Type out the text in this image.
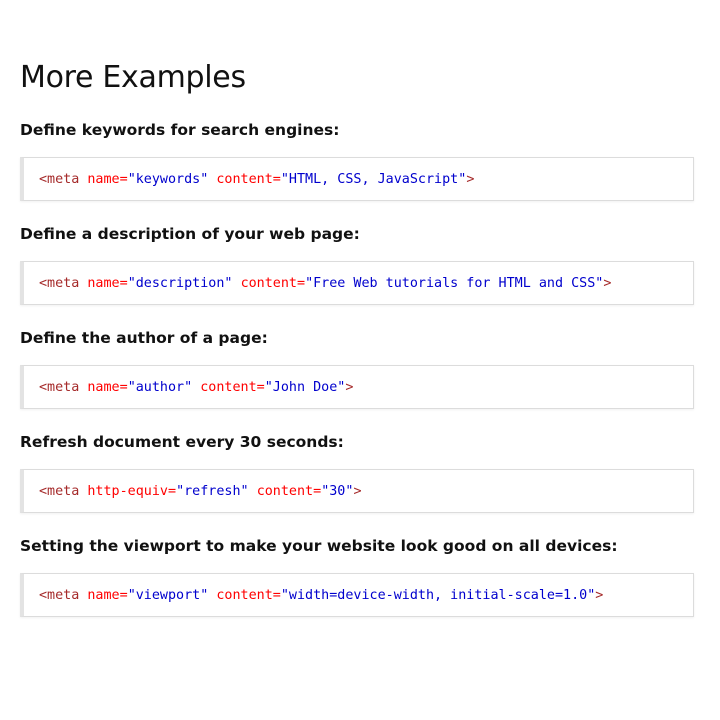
More Examples

Define keywords for search engines:

<meta
name= "keywords"
content= "HTML, CSS, JavaScript" >

Define a description of your web page:

<meta
name= "description"
content= "Free Web tutorials for HTML and CSS" >

Define the author of a page:

<meta
name= "author"
content= "John Doe" >

Refresh document every 30 seconds:

<meta
http-equiv= "refresh"
content= "30" >

Setting the viewport to make your website look good on all devices:

<meta
name= "viewport"
content= "width=device-width, initial-scale=1.0" >
